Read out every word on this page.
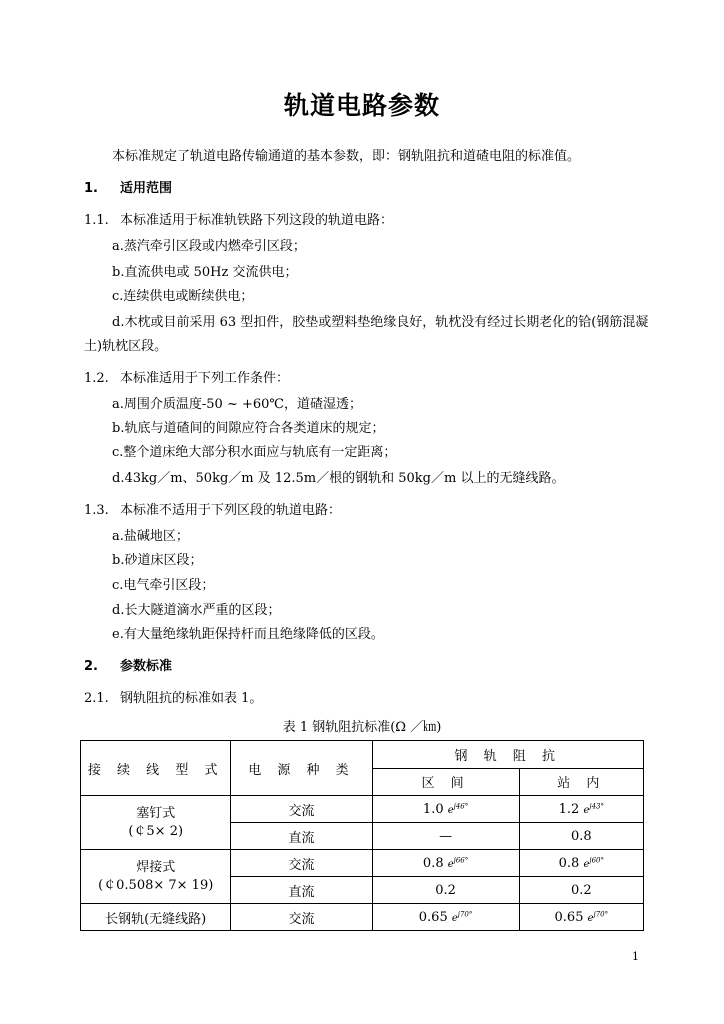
轨道电路参数
本标准规定了轨道电路传输通道的基本参数，即：钢轨阻抗和道碴电阻的标准值。
1. 适用范围
1.1. 本标准适用于标准轨铁路下列这段的轨道电路：
a.蒸汽牵引区段或内燃牵引区段；
b.直流供电或 50Hz 交流供电；
c.连续供电或断续供电；
d.木枕或目前采用 63 型扣件，胶垫或塑料垫绝缘良好，轨枕没有经过长期老化的铪(钢筋混凝
土)轨枕区段。
1.2. 本标准适用于下列工作条件：
a.周围介质温度-50 ~ +60℃，道碴湿透；
b.轨底与道碴间的间隙应符合各类道床的规定；
c.整个道床绝大部分积水面应与轨底有一定距离；
d.43kg／m、50kg／m 及 12.5m／根的钢轨和 50kg／m 以上的无缝线路。
1.3. 本标准不适用于下列区段的轨道电路：
a.盐碱地区；
b.砂道床区段；
c.电气牵引区段；
d.长大隧道滴水严重的区段；
e.有大量绝缘轨距保持杆而且绝缘降低的区段。
2. 参数标准
2.1. 钢轨阻抗的标准如表 1。
表 1 钢轨阻抗标准(Ω ／㎞)
接 续 线 型 式	电 源 种 类	钢 轨 阻 抗	
		区 间	站 内

塞钉式
(￠5× 2)	交流	1.0 $e^{j46^\circ}$	1.2 $e^{j43^\circ}$
	直流	—	0.8

焊接式
(￠0.508× 7× 19)	交流	0.8 $e^{j66^\circ}$	0.8 $e^{j60^\circ}$
	直流	0.2	0.2
长钢轨(无缝线路)	交流	0.65 $e^{j70^\circ}$	0.65 $e^{j70^\circ}$
1
